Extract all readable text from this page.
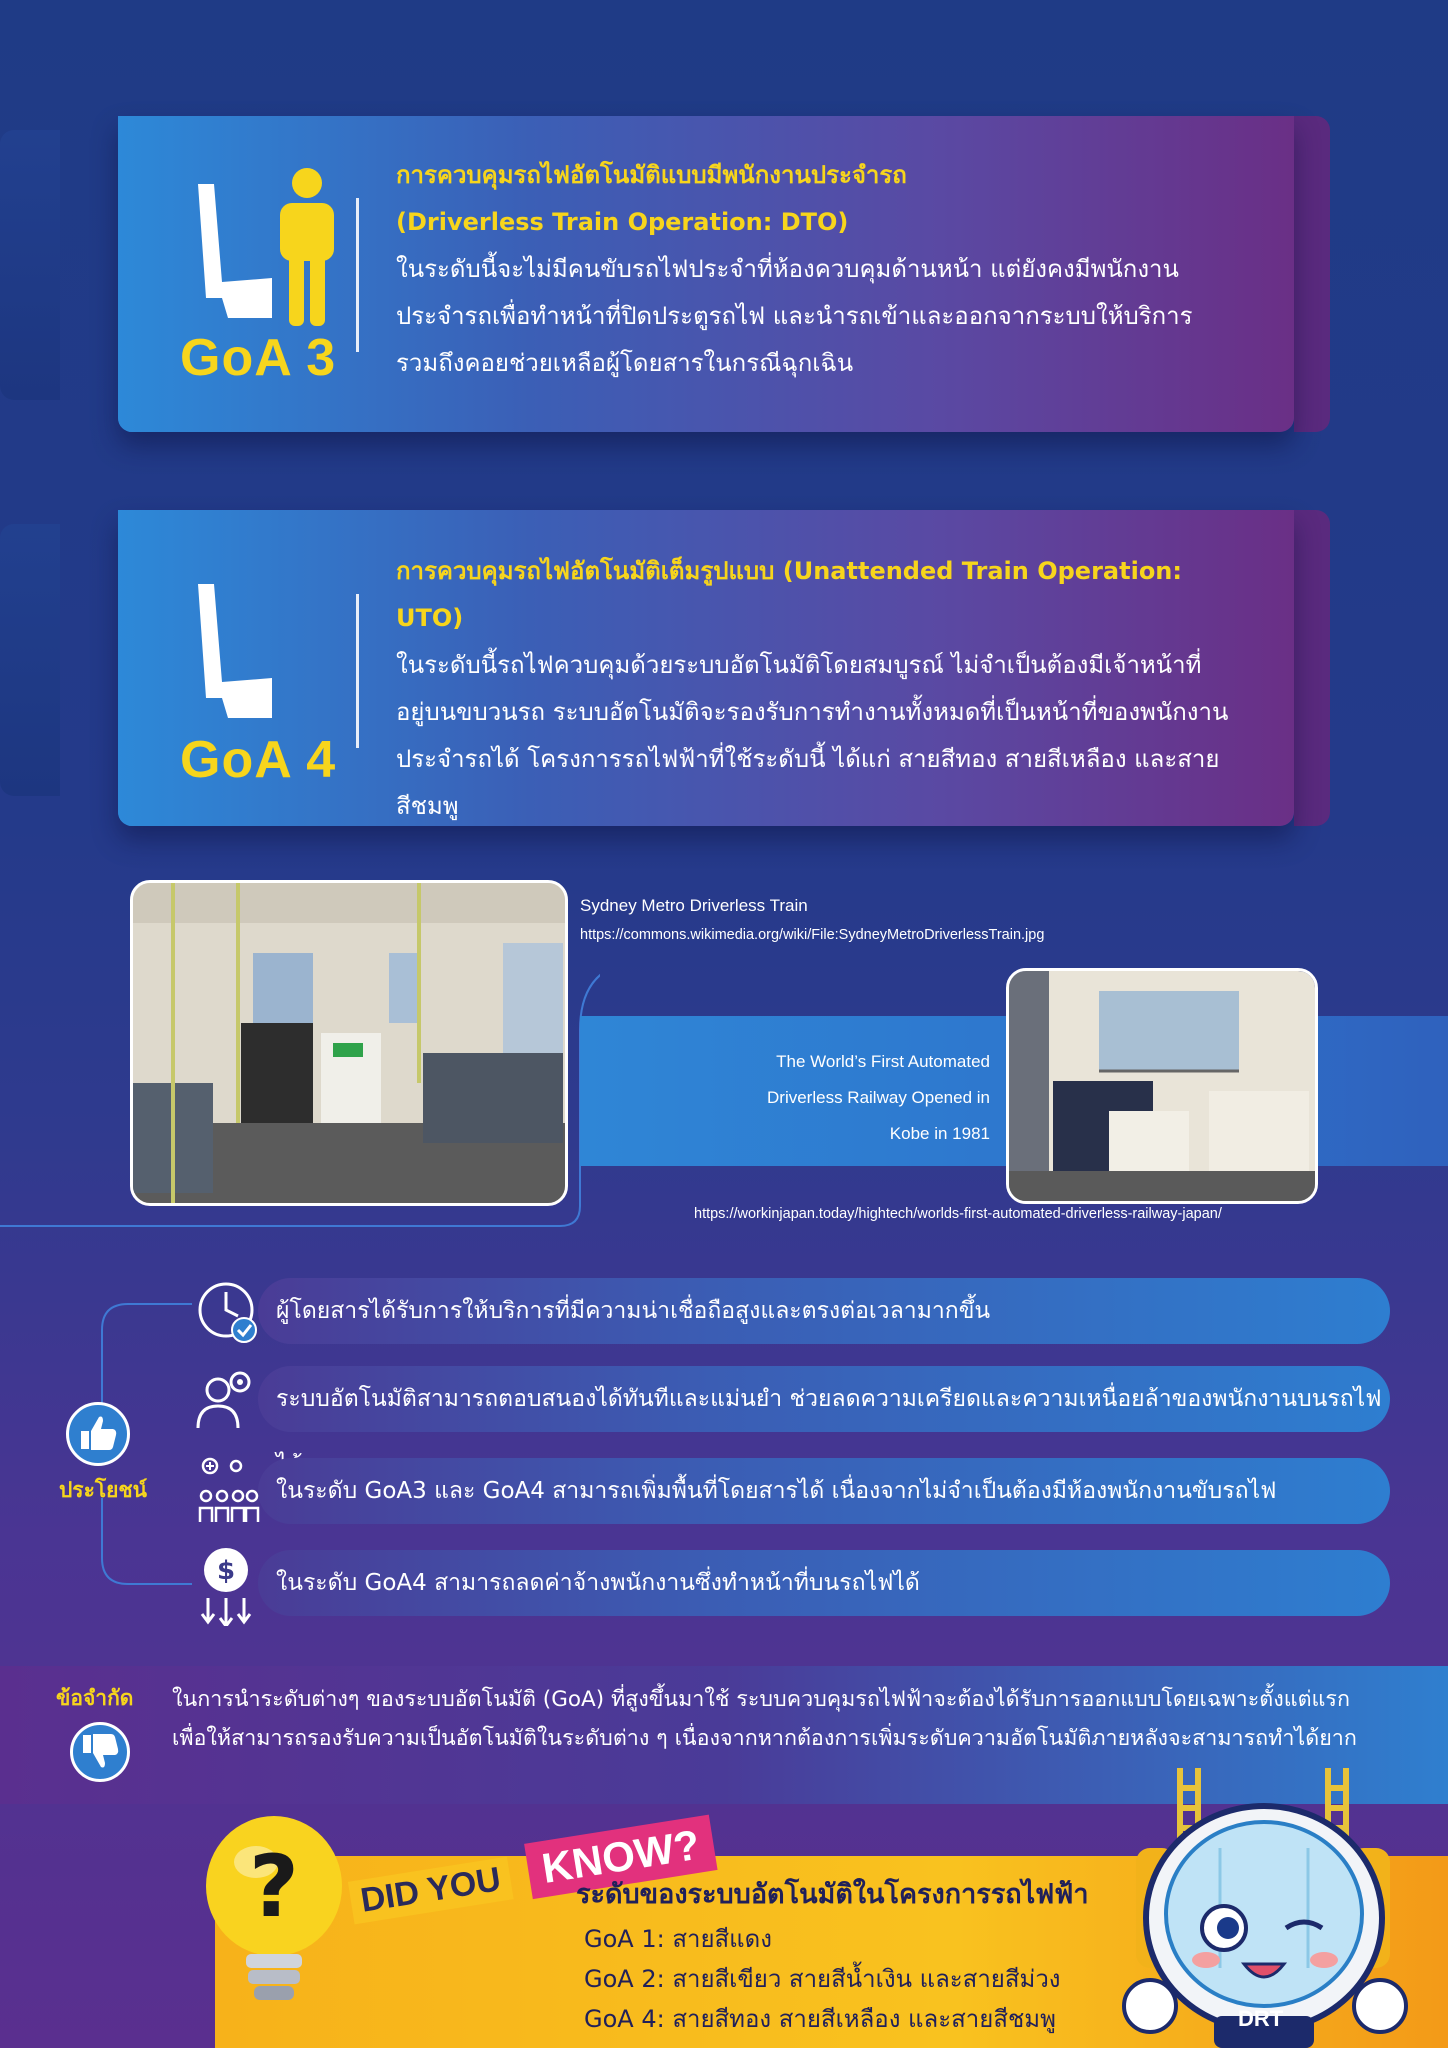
GoA 3
การควบคุมรถไฟอัตโนมัติแบบมีพนักงานประจำรถ
(Driverless Train Operation: DTO)
ในระดับนี้จะไม่มีคนขับรถไฟประจำที่ห้องควบคุมด้านหน้า แต่ยังคงมีพนักงาน
ประจำรถเพื่อทำหน้าที่ปิดประตูรถไฟ และนำรถเข้าและออกจากระบบให้บริการ
รวมถึงคอยช่วยเหลือผู้โดยสารในกรณีฉุกเฉิน
GoA 4
การควบคุมรถไฟอัตโนมัติเต็มรูปแบบ (Unattended Train Operation: UTO)
ในระดับนี้รถไฟควบคุมด้วยระบบอัตโนมัติโดยสมบูรณ์ ไม่จำเป็นต้องมีเจ้าหน้าที่
อยู่บนขบวนรถ ระบบอัตโนมัติจะรองรับการทำงานทั้งหมดที่เป็นหน้าที่ของพนักงาน
ประจำรถได้ โครงการรถไฟฟ้าที่ใช้ระดับนี้ ได้แก่ สายสีทอง สายสีเหลือง และสาย
สีชมพู
Sydney Metro Driverless Train
https://commons.wikimedia.org/wiki/File:SydneyMetroDriverlessTrain.jpg
The World’s First Automated
Driverless Railway Opened in
Kobe in 1981
https://workinjapan.today/hightech/worlds-first-automated-driverless-railway-japan/
ประโยชน์
ผู้โดยสารได้รับการให้บริการที่มีความน่าเชื่อถือสูงและตรงต่อเวลามากขึ้น
ระบบอัตโนมัติสามารถตอบสนองได้ทันทีและแม่นยำ ช่วยลดความเครียดและความเหนื่อยล้าของพนักงานบนรถไฟ
ในระดับ GoA3 และ GoA4 สามารถเพิ่มพื้นที่โดยสารได้ เนื่องจากไม่จำเป็นต้องมีห้องพนักงานขับรถไฟ
ในระดับ GoA4 สามารถลดค่าจ้างพนักงานซึ่งทำหน้าที่บนรถไฟได้
$
ข้อจำกัด ในการนำระดับต่างๆ ของระบบอัตโนมัติ (GoA) ที่สูงขึ้นมาใช้ ระบบควบคุมรถไฟฟ้าจะต้องได้รับการออกแบบโดยเฉพาะตั้งแต่แรก
เพื่อให้สามารถรองรับความเป็นอัตโนมัติในระดับต่าง ๆ เนื่องจากหากต้องการเพิ่มระดับความอัตโนมัติภายหลังจะสามารถทำได้ยาก
?	DID YOU KNOW?
ระดับของระบบอัตโนมัติในโครงการรถไฟฟ้า
GoA 1: สายสีแดง
GoA 2: สายสีเขียว สายสีน้ำเงิน และสายสีม่วง
GoA 4: สายสีทอง สายสีเหลือง และสายสีชมพู	DRT
